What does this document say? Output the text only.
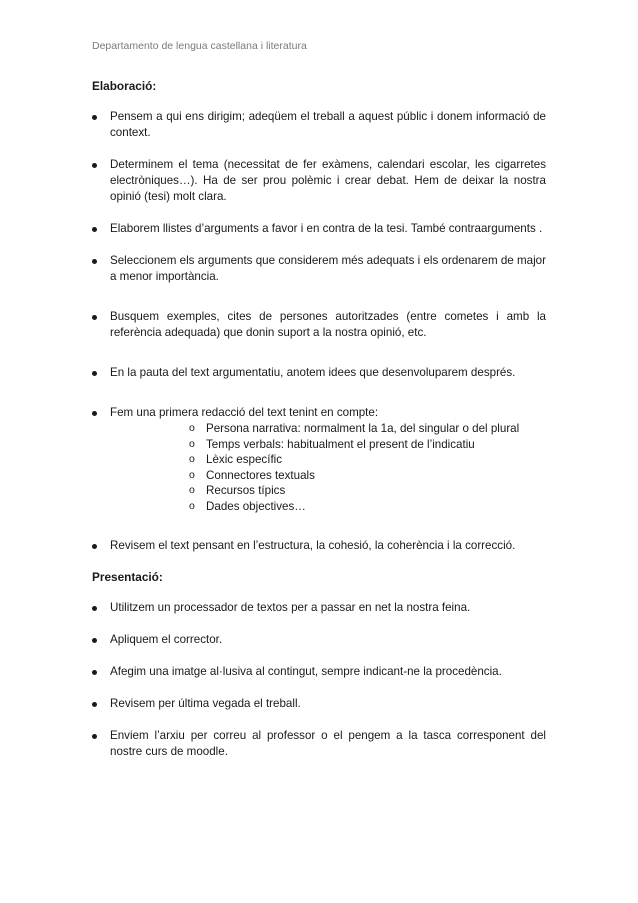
Departamento de lengua castellana i literatura
Elaboració:
Pensem a qui ens dirigim; adeqüem el treball a aquest públic i donem informació de context.
Determinem el tema (necessitat de fer exàmens, calendari escolar, les cigarretes electròniques…). Ha de ser prou polèmic i crear debat. Hem de deixar la nostra opinió (tesi) molt clara.
Elaborem llistes d’arguments a favor i en contra de la tesi. També contraarguments .
Seleccionem els arguments que considerem més adequats i els ordenarem de major a menor importància.
Busquem exemples, cites de persones autoritzades (entre cometes i amb la referència adequada) que donin suport a la nostra opinió, etc.
En la pauta del text argumentatiu, anotem idees que desenvoluparem després.
Fem una primera redacció del text tenint en compte:
o Persona narrativa: normalment la 1a, del singular o del plural
o Temps verbals: habitualment el present de l’indicatiu
o Lèxic específic
o Connectores textuals
o Recursos típics
o Dades objectives…
Revisem el text pensant en l’estructura, la cohesió, la coherència i la correcció.
Presentació:
Utilitzem un processador de textos per a passar en net la nostra feina.
Apliquem el corrector.
Afegim una imatge al·lusiva al contingut, sempre indicant-ne la procedència.
Revisem per última vegada el treball.
Enviem l’arxiu per correu al professor o el pengem a la tasca corresponent del nostre curs de moodle.
